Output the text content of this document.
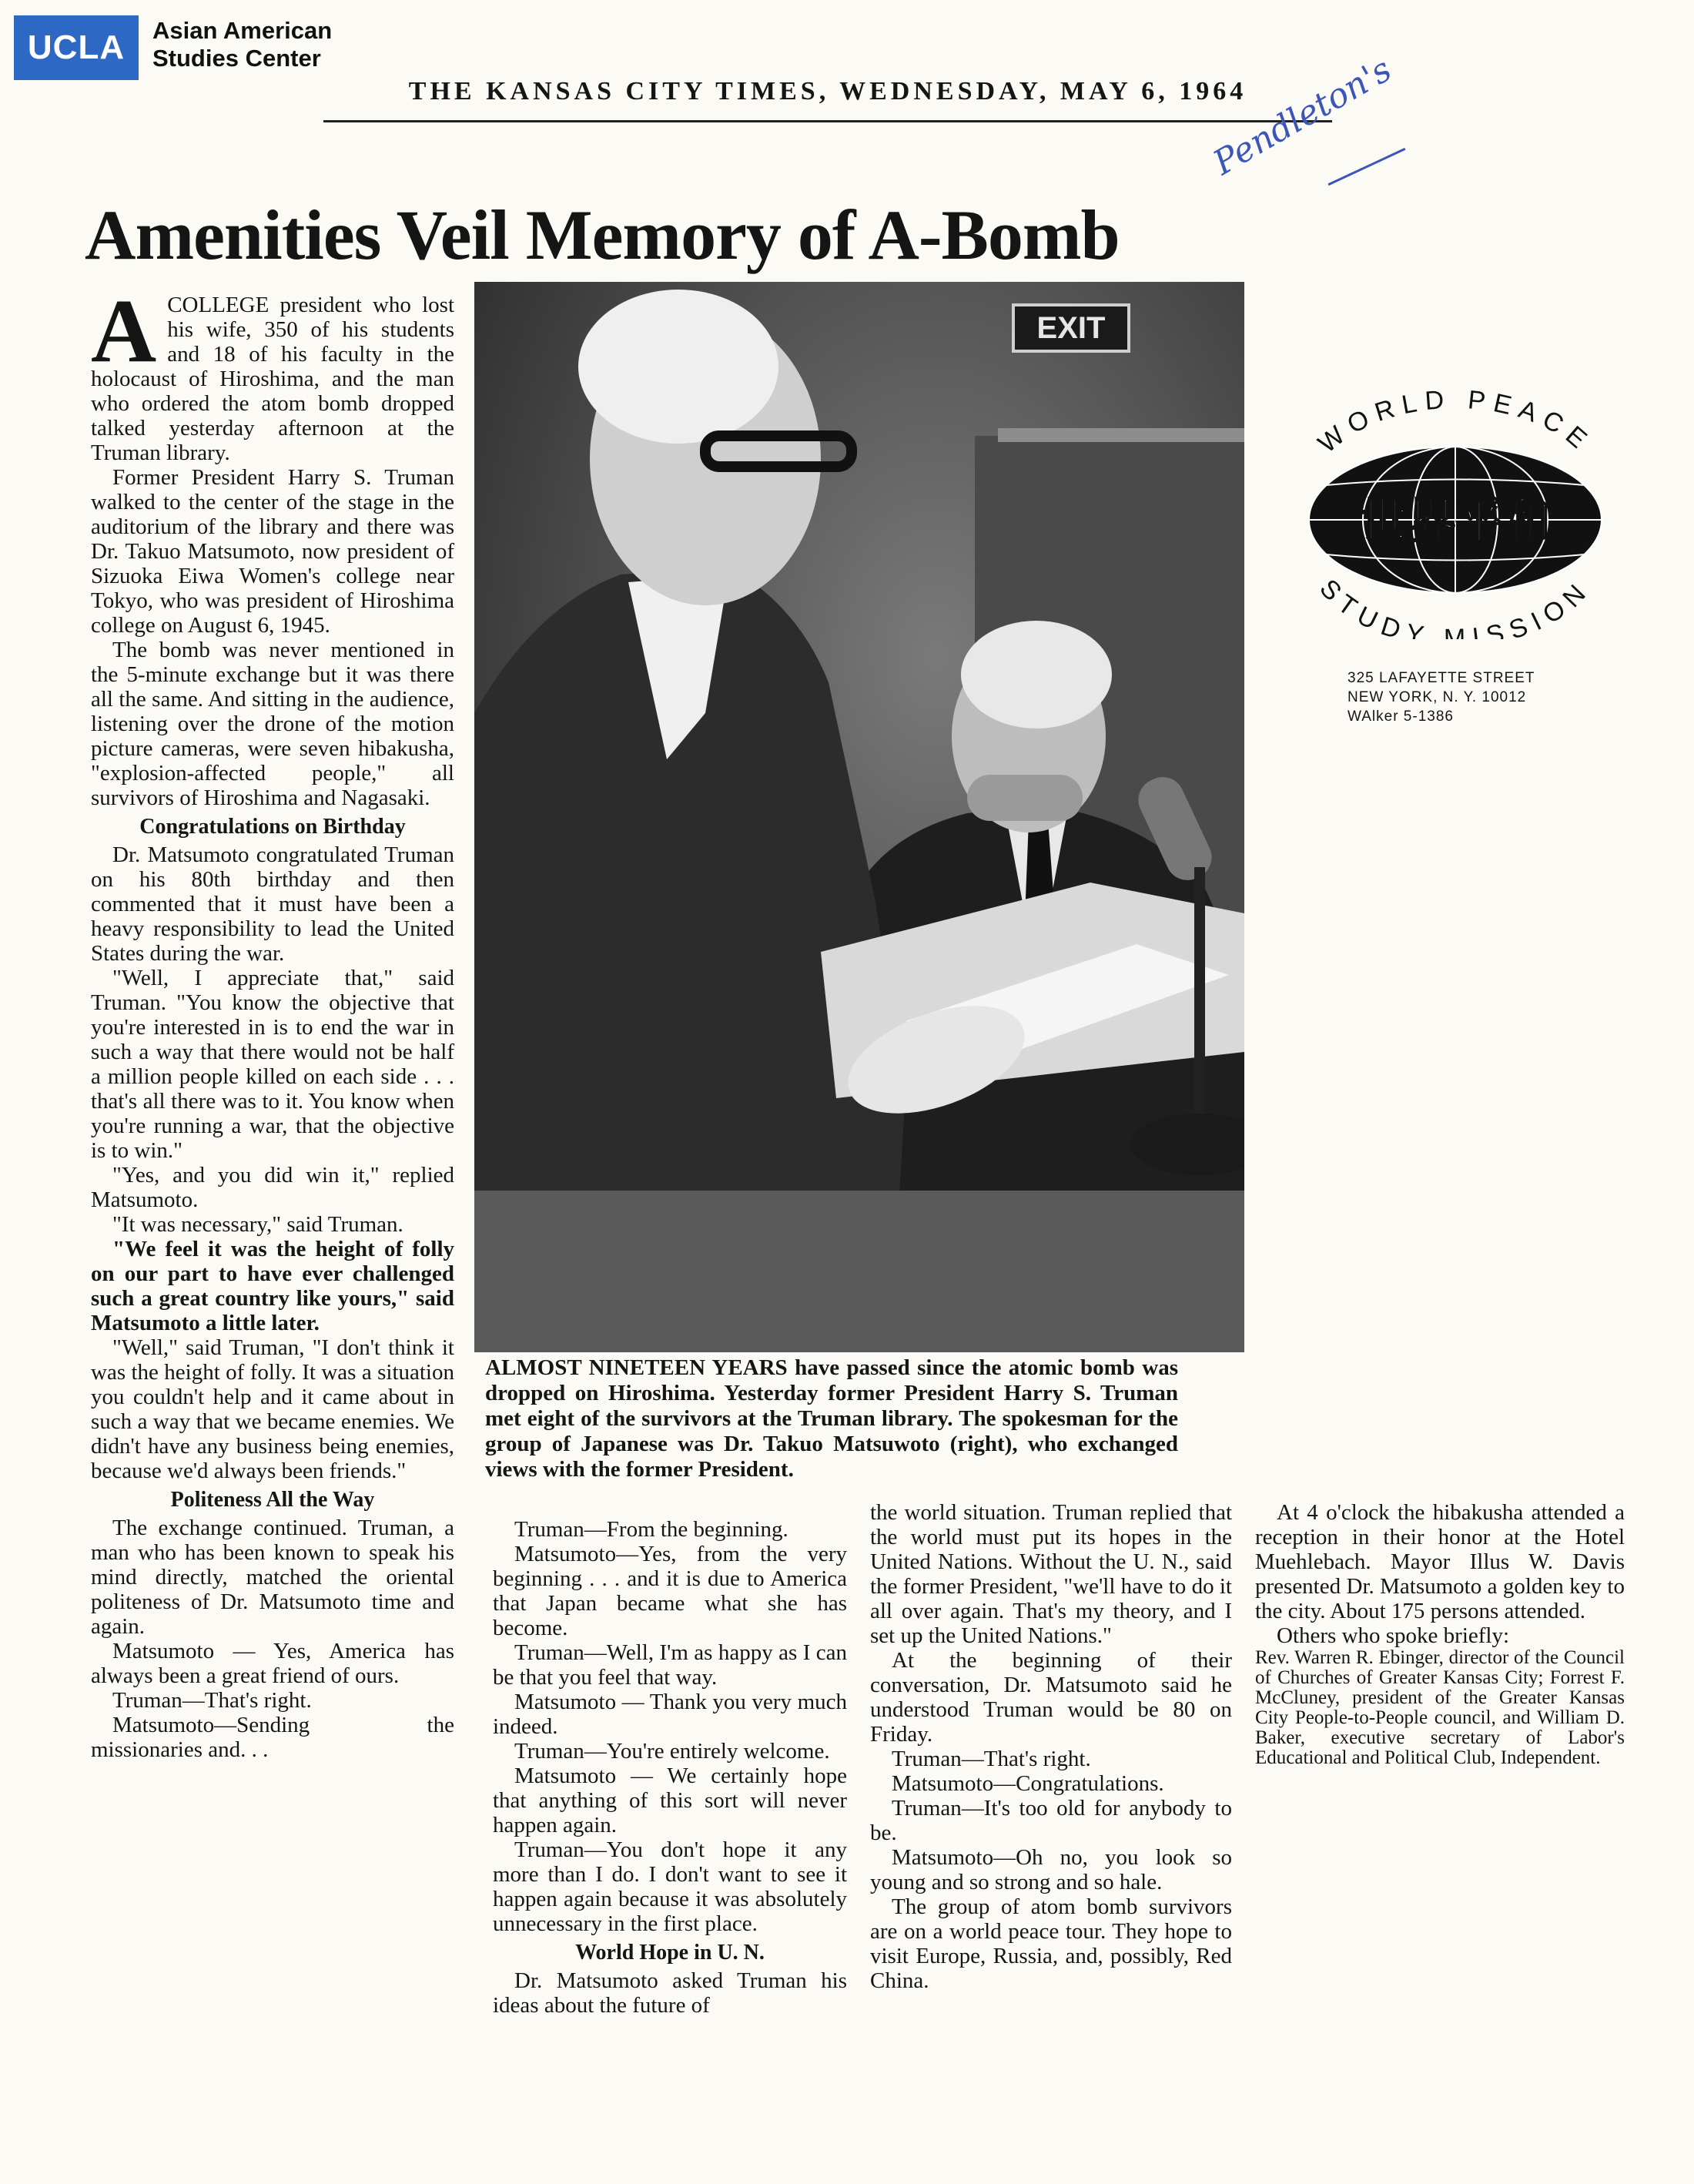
UCLA	Asian American
Studies Center
THE KANSAS CITY TIMES, WEDNESDAY, MAY 6, 1964
Pendleton's
Amenities Veil Memory of A-Bomb

ACOLLEGE president who lost his wife, 350 of his students and 18 of his faculty in the holocaust of Hiroshima, and the man who ordered the atom bomb dropped talked yesterday afternoon at the Truman library.

Former President Harry S. Truman walked to the center of the stage in the auditorium of the library and there was Dr. Takuo Matsumoto, now president of Sizuoka Eiwa Women's college near Tokyo, who was president of Hiroshima college on August 6, 1945.

The bomb was never mentioned in the 5-minute exchange but it was there all the same. And sitting in the audience, listening over the drone of the motion picture cameras, were seven hibakusha, "explosion-affected people," all survivors of Hiroshima and Nagasaki.

Congratulations on Birthday

Dr. Matsumoto congratulated Truman on his 80th birthday and then commented that it must have been a heavy responsibility to lead the United States during the war.

"Well, I appreciate that," said Truman. "You know the objective that you're interested in is to end the war in such a way that there would not be half a million people killed on each side . . . that's all there was to it. You know when you're running a war, that the objective is to win."

"Yes, and you did win it," replied Matsumoto.

"It was necessary," said Truman.

"We feel it was the height of folly on our part to have ever challenged such a great country like yours," said Matsumoto a little later.

"Well," said Truman, "I don't think it was the height of folly. It was a situation you couldn't help and it came about in such a way that we became enemies. We didn't have any business being enemies, because we'd always been friends."

Politeness All the Way

The exchange continued. Truman, a man who has been known to speak his mind directly, matched the oriental politeness of Dr. Matsumoto time and again.

Matsumoto — Yes, America has always been a great friend of ours.

Truman—That's right.

Matsumoto—Sending the missionaries and. . .

EXIT
ALMOST NINETEEN YEARS have passed since the atomic bomb was dropped on Hiroshima. Yesterday former President Harry S. Truman met eight of the survivors at the Truman library. The spokesman for the group of Japanese was Dr. Takuo Matsuwoto (right), who exchanged views with the former President.
WORLD PEACE
世界平和
STUDY MISSION
325 LAFAYETTE STREET
NEW YORK, N. Y. 10012
WAlker 5-1386

Truman—From the beginning.

Matsumoto—Yes, from the very beginning . . . and it is due to America that Japan became what she has become.

Truman—Well, I'm as happy as I can be that you feel that way.

Matsumoto — Thank you very much indeed.

Truman—You're entirely welcome.

Matsumoto — We certainly hope that anything of this sort will never happen again.

Truman—You don't hope it any more than I do. I don't want to see it happen again because it was absolutely unnecessary in the first place.

World Hope in U. N.

Dr. Matsumoto asked Truman his ideas about the future of

the world situation. Truman replied that the world must put its hopes in the United Nations. Without the U. N., said the former President, "we'll have to do it all over again. That's my theory, and I set up the United Nations."

At the beginning of their conversation, Dr. Matsumoto said he understood Truman would be 80 on Friday.

Truman—That's right.

Matsumoto—Congratulations.

Truman—It's too old for anybody to be.

Matsumoto—Oh no, you look so young and so strong and so hale.

The group of atom bomb survivors are on a world peace tour. They hope to visit Europe, Russia, and, possibly, Red China.

At 4 o'clock the hibakusha attended a reception in their honor at the Hotel Muehlebach. Mayor Illus W. Davis presented Dr. Matsumoto a golden key to the city. About 175 persons attended.

Others who spoke briefly:

Rev. Warren R. Ebinger, director of the Council of Churches of Greater Kansas City; Forrest F. McCluney, president of the Greater Kansas City People-to-People council, and William D. Baker, executive secretary of Labor's Educational and Political Club, Independent.
